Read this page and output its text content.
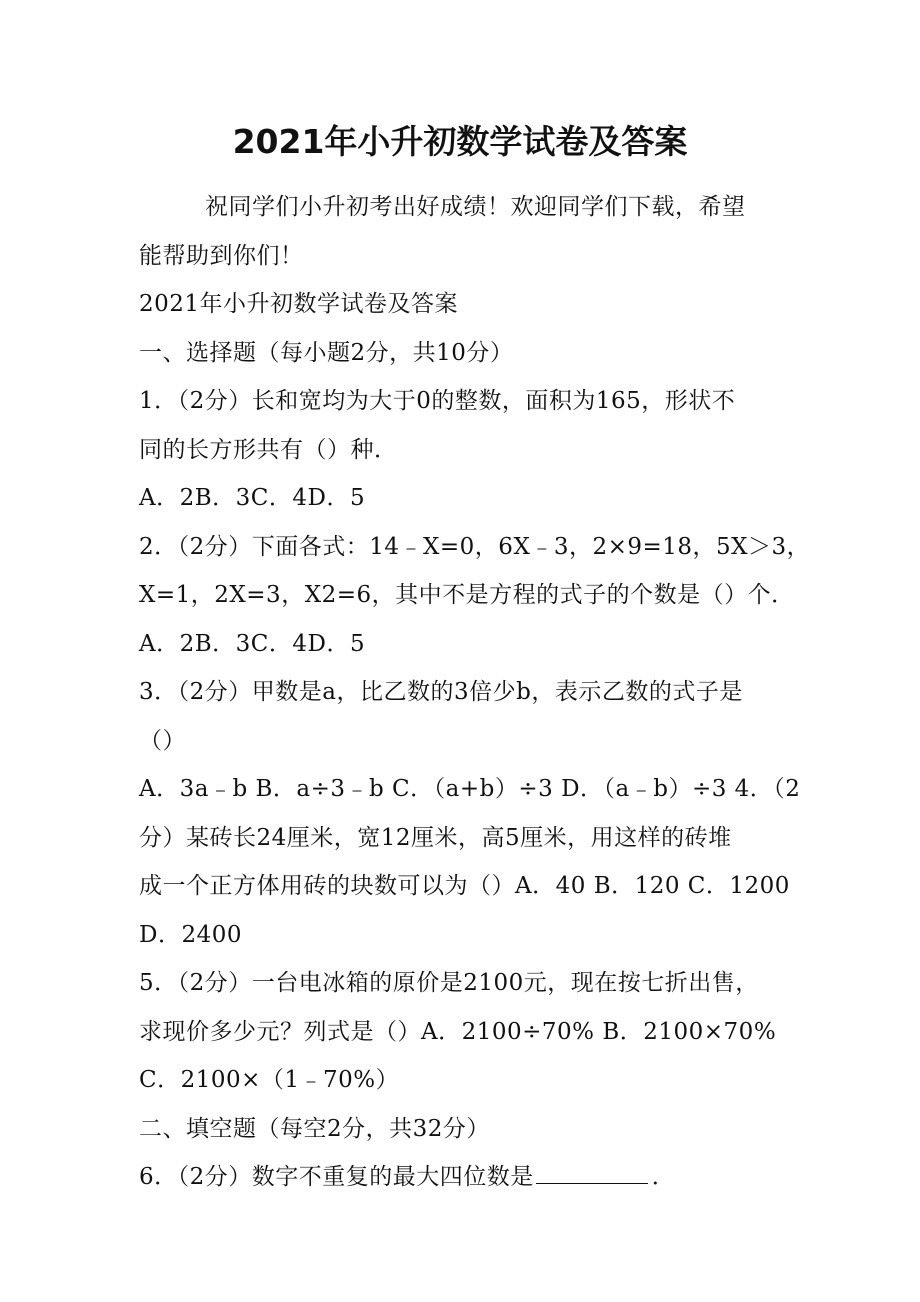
2021年小升初数学试卷及答案
祝同学们小升初考出好成绩！欢迎同学们下载，希望
能帮助到你们！
2021年小升初数学试卷及答案
一、选择题（每小题2分，共10分）
1．（2分）长和宽均为大于0的整数，面积为165，形状不
同的长方形共有（）种．
A．2B．3C．4D．5
2．（2分）下面各式：14﹣X=0，6X﹣3，2×9=18，5X＞3，
X=1，2X=3，X2=6，其中不是方程的式子的个数是（）个．
A．2B．3C．4D．5
3．（2分）甲数是a，比乙数的3倍少b，表示乙数的式子是
（）
A．3a﹣b B．a÷3﹣b C．（a+b）÷3 D．（a﹣b）÷3 4．（2
分）某砖长24厘米，宽12厘米，高5厘米，用这样的砖堆
成一个正方体用砖的块数可以为（）A．40 B．120 C．1200
D．2400
5．（2分）一台电冰箱的原价是2100元，现在按七折出售，
求现价多少元？列式是（）A．2100÷70% B．2100×70%
C．2100×（1﹣70%）
二、填空题（每空2分，共32分）
6．（2分）数字不重复的最大四位数是	．
